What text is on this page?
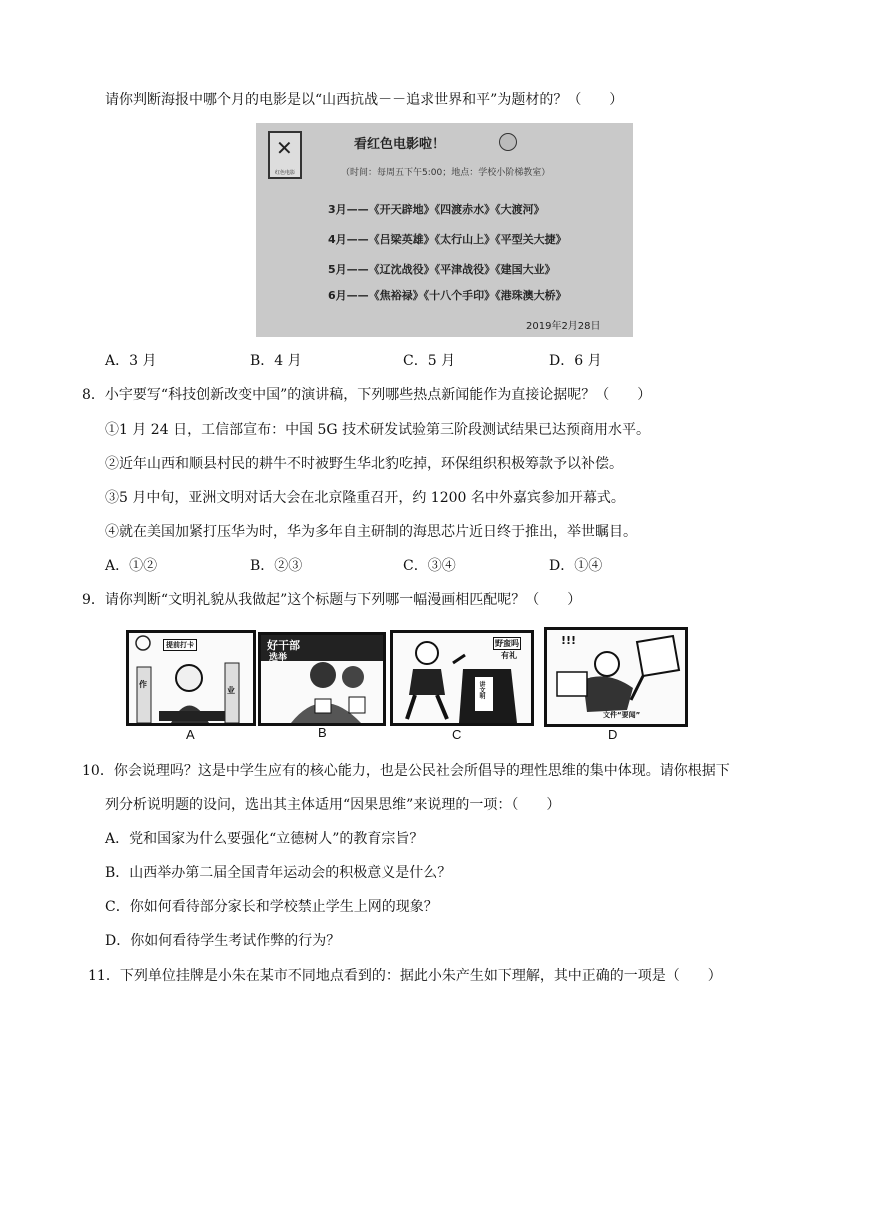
请你判断海报中哪个月的电影是以“山西抗战－－追求世界和平”为题材的？（　　）
✕
红色电影
看红色电影啦！
（时间：每周五下午5:00；地点：学校小阶梯教室）
3月——《开天辟地》《四渡赤水》《大渡河》
4月——《吕梁英雄》《太行山上》《平型关大捷》
5月——《辽沈战役》《平津战役》《建国大业》
6月——《焦裕禄》《十八个手印》《港珠澳大桥》
2019年2月28日
A．3 月	B．4 月	C．5 月	D．6 月
8．小宇要写“科技创新改变中国”的演讲稿，下列哪些热点新闻能作为直接论据呢？（　　）
①1 月 24 日，工信部宣布：中国 5G 技术研发试验第三阶段测试结果已达预商用水平。
②近年山西和顺县村民的耕牛不时被野生华北豹吃掉，环保组织积极筹款予以补偿。
③5 月中旬，亚洲文明对话大会在北京隆重召开，约 1200 名中外嘉宾参加开幕式。
④就在美国加紧打压华为时，华为多年自主研制的海思芯片近日终于推出，举世瞩目。
A．①②	B．②③	C．③④	D．①④
9．请你判断“文明礼貌从我做起”这个标题与下列哪一幅漫画相匹配呢？（　　）
提前打卡
作
业
A
好干部
选举
B
野蛮吗
有礼
讲文明
C
!!!
文件“要闻”
D
10．你会说理吗？这是中学生应有的核心能力，也是公民社会所倡导的理性思维的集中体现。请你根据下
列分析说明题的设问，选出其主体适用“因果思维”来说理的一项：（　　）
A．党和国家为什么要强化“立德树人”的教育宗旨？
B．山西举办第二届全国青年运动会的积极意义是什么？
C．你如何看待部分家长和学校禁止学生上网的现象？
D．你如何看待学生考试作弊的行为？
11．下列单位挂牌是小朱在某市不同地点看到的：据此小朱产生如下理解，其中正确的一项是（　　）
